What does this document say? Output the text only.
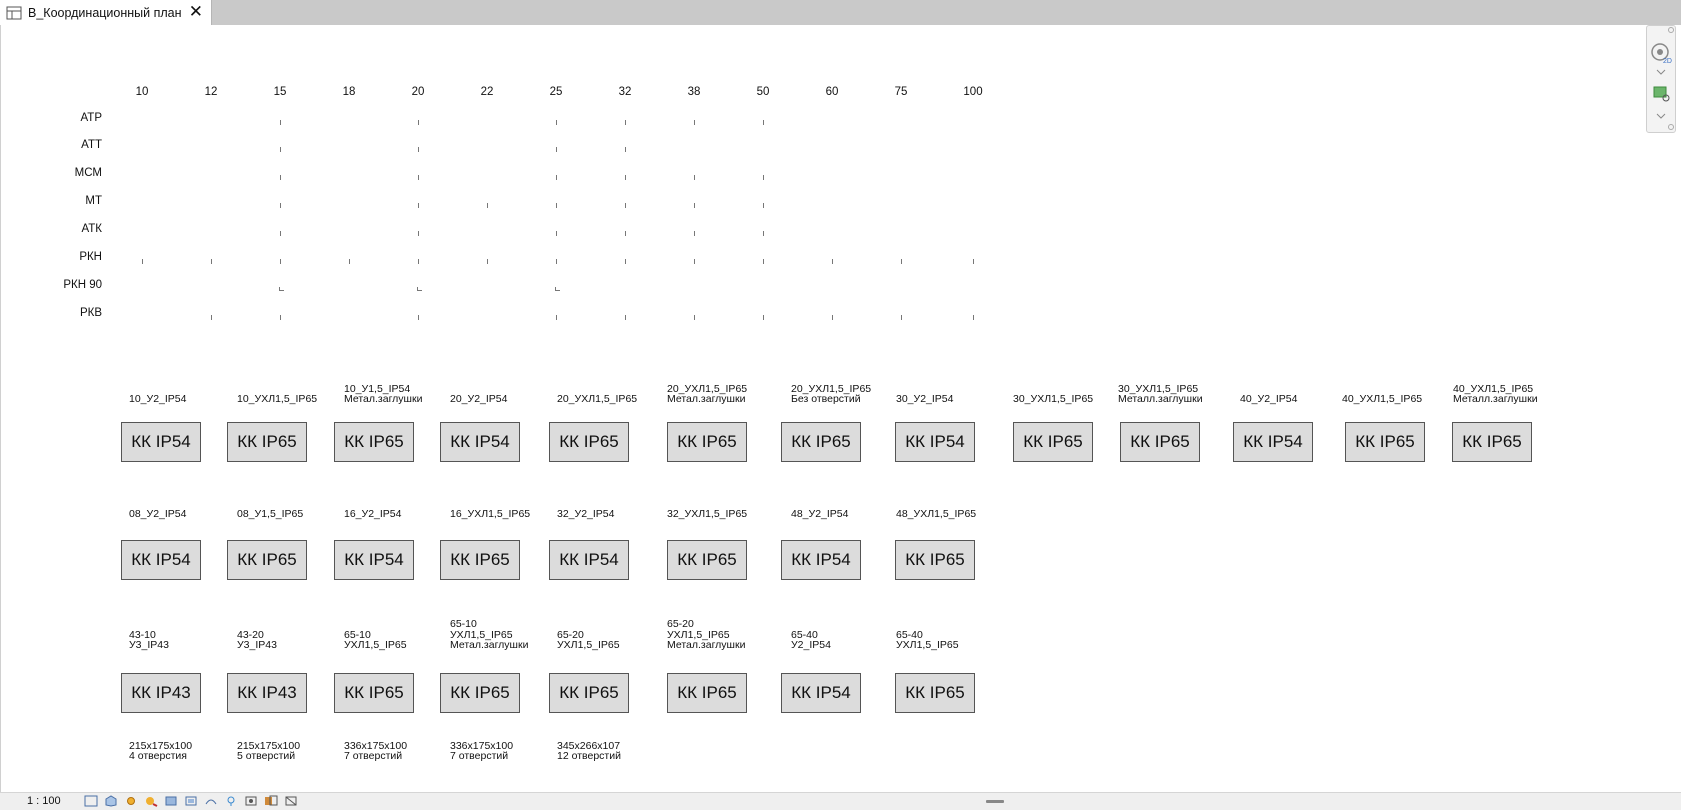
В_Координационный план ✕
10	12	15	18	20	22	25	32	38	50	60	75	100
АТР
АТТ
МСМ
МТ
АТК
РКН
РКН 90
РКВ
10_У2_IP54	10_УХЛ1,5_IP65
10_У1,5_IP54
Метал.заглушки	20_У2_IP54	20_УХЛ1,5_IP65
20_УХЛ1,5_IP65
Метал.заглушки
20_УХЛ1,5_IP65
Без отверстий	30_У2_IP54	30_УХЛ1,5_IP65
30_УХЛ1,5_IP65
Металл.заглушки	40_У2_IP54	40_УХЛ1,5_IP65
40_УХЛ1,5_IP65
Металл.заглушки
КК IP54	КК IP65	КК IP65	КК IP54	КК IP65	КК IP65	КК IP65	КК IP54	КК IP65	КК IP65	КК IP54	КК IP65	КК IP65
08_У2_IP54	08_У1,5_IP65	16_У2_IP54	16_УХЛ1,5_IP65	32_У2_IP54	32_УХЛ1,5_IP65	48_У2_IP54	48_УХЛ1,5_IP65
КК IP54	КК IP65	КК IP54	КК IP65	КК IP54	КК IP65	КК IP54	КК IP65
43-10
У3_IP43
43-20
У3_IP43
65-10
УХЛ1,5_IP65
65-10
УХЛ1,5_IP65
Метал.заглушки
65-20
УХЛ1,5_IP65
65-20
УХЛ1,5_IP65
Метал.заглушки
65-40
У2_IP54
65-40
УХЛ1,5_IP65
КК IP43	КК IP43	КК IP65	КК IP65	КК IP65	КК IP65	КК IP54	КК IP65
215х175х100
4 отверстия
215х175х100
5 отверстий
336х175х100
7 отверстий
336х175х100
7 отверстий
345х266х107
12 отверстий
2D
1 : 100
